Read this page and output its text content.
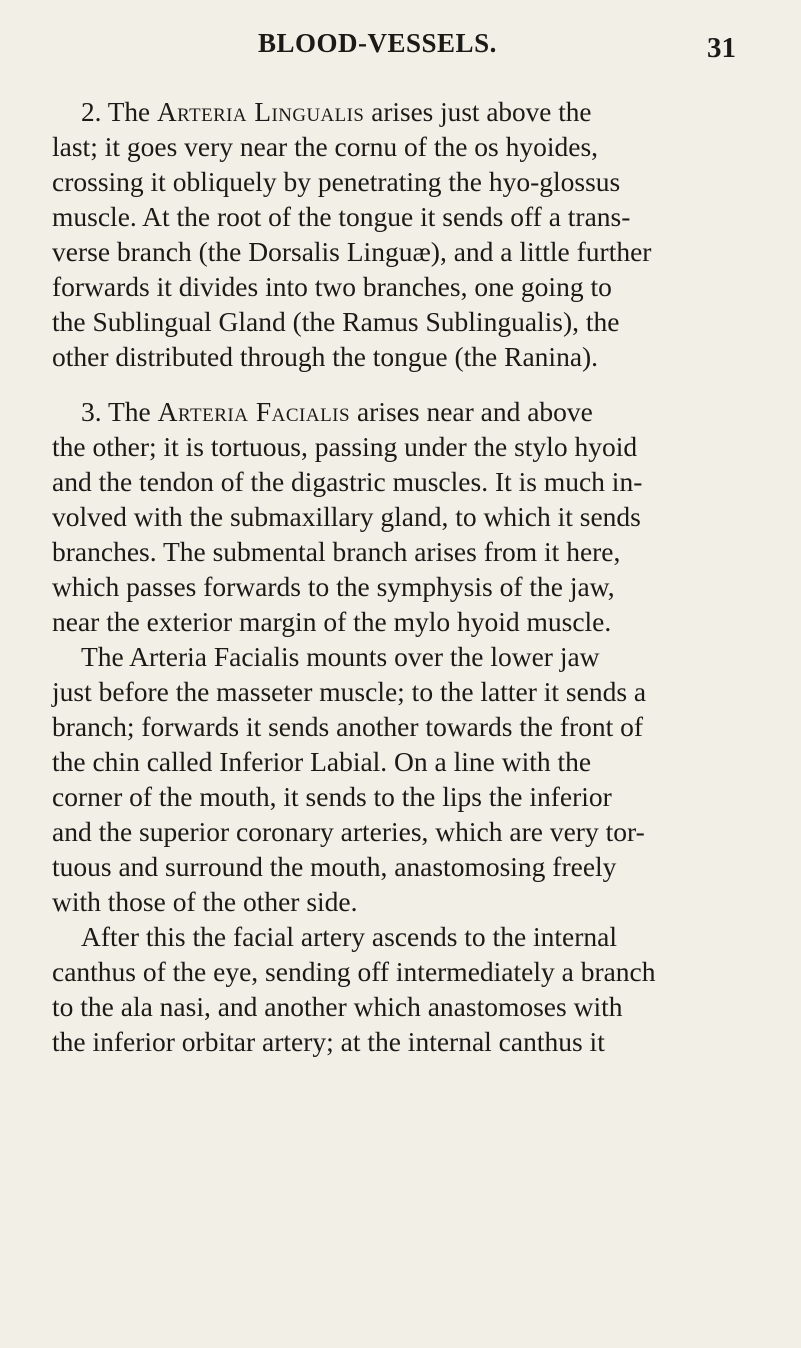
BLOOD-VESSELS.	31
2. The Arteria Lingualis arises just above the
last; it goes very near the cornu of the os hyoides,
crossing it obliquely by penetrating the hyo-glossus
muscle. At the root of the tongue it sends off a trans-
verse branch (the Dorsalis Linguæ), and a little further
forwards it divides into two branches, one going to
the Sublingual Gland (the Ramus Sublingualis), the
other distributed through the tongue (the Ranina).
3. The Arteria Facialis arises near and above
the other; it is tortuous, passing under the stylo hyoid
and the tendon of the digastric muscles. It is much in-
volved with the submaxillary gland, to which it sends
branches. The submental branch arises from it here,
which passes forwards to the symphysis of the jaw,
near the exterior margin of the mylo hyoid muscle.
The Arteria Facialis mounts over the lower jaw
just before the masseter muscle; to the latter it sends a
branch; forwards it sends another towards the front of
the chin called Inferior Labial. On a line with the
corner of the mouth, it sends to the lips the inferior
and the superior coronary arteries, which are very tor-
tuous and surround the mouth, anastomosing freely
with those of the other side.
After this the facial artery ascends to the internal
canthus of the eye, sending off intermediately a branch
to the ala nasi, and another which anastomoses with
the inferior orbitar artery; at the internal canthus it
